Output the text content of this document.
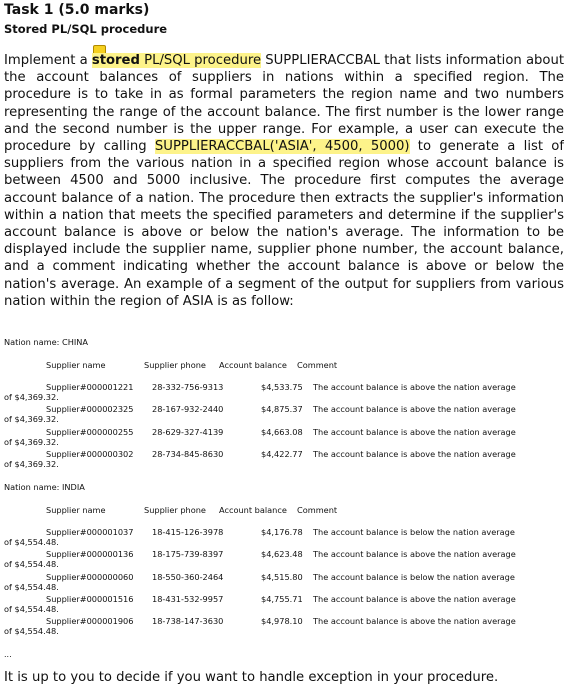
Task 1 (5.0 marks)
Stored PL/SQL procedure

Implement a stored PL/SQL procedure SUPPLIERACCBAL that lists information about the account balances of suppliers in nations within a specified region. The procedure is to take in as formal parameters the region name and two numbers representing the range of the account balance. The first number is the lower range and the second number is the upper range. For example, a user can execute the procedure by calling SUPPLIERACCBAL('ASIA', 4500, 5000) to generate a list of suppliers from the various nation in a specified region whose account balance is between 4500 and 5000 inclusive. The procedure first computes the average account balance of a nation. The procedure then extracts the supplier's information within a nation that meets the specified parameters and determine if the supplier's account balance is above or below the nation's average. The information to be displayed include the supplier name, supplier phone number, the account balance, and a comment indicating whether the account balance is above or below the nation's average. An example of a segment of the output for suppliers from various nation within the region of ASIA is as follow:

Nation name: CHINA
Supplier name	Supplier phone Account balance Comment
Supplier#000001221 28-332-756-9313	$4,533.75 The account balance is above the nation average
of $4,369.32.
Supplier#000002325 28-167-932-2440	$4,875.37 The account balance is above the nation average
of $4,369.32.
Supplier#000000255 28-629-327-4139	$4,663.08 The account balance is above the nation average
of $4,369.32.
Supplier#000000302 28-734-845-8630	$4,422.77 The account balance is above the nation average
of $4,369.32.
Nation name: INDIA
Supplier name	Supplier phone Account balance Comment
Supplier#000001037 18-415-126-3978	$4,176.78 The account balance is below the nation average
of $4,554.48.
Supplier#000000136 18-175-739-8397	$4,623.48 The account balance is above the nation average
of $4,554.48.
Supplier#000000060 18-550-360-2464	$4,515.80 The account balance is below the nation average
of $4,554.48.
Supplier#000001516 18-431-532-9957	$4,755.71 The account balance is above the nation average
of $4,554.48.
Supplier#000001906 18-738-147-3630	$4,978.10 The account balance is above the nation average
of $4,554.48.
...
It is up to you to decide if you want to handle exception in your procedure.
